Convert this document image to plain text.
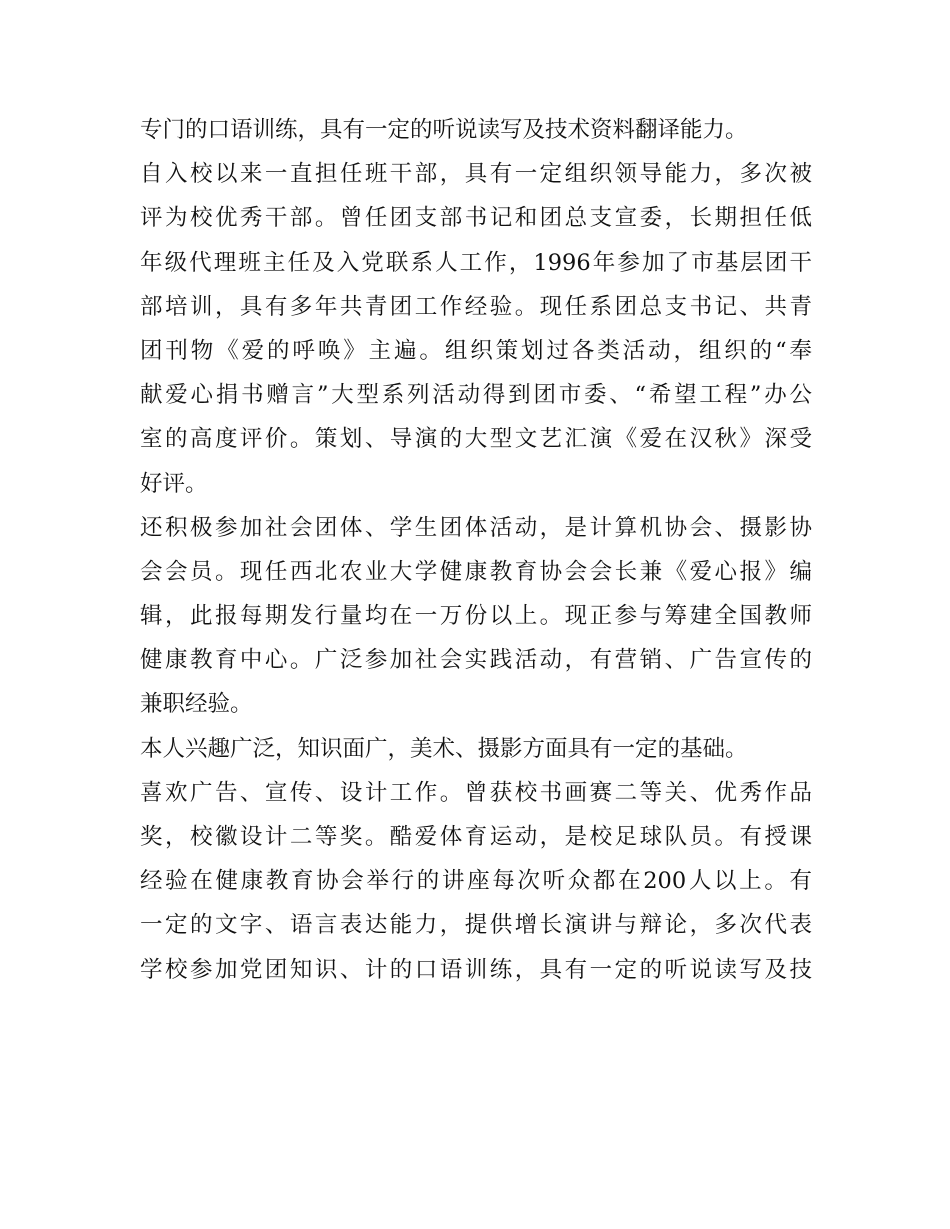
专门的口语训练，具有一定的听说读写及技术资料翻译能力。
自入校以来一直担任班干部，具有一定组织领导能力，多次被
评为校优秀干部。曾任团支部书记和团总支宣委，长期担任低
年级代理班主任及入党联系人工作，1996年参加了市基层团干
部培训，具有多年共青团工作经验。现任系团总支书记、共青
团刊物《爱的呼唤》主遍。组织策划过各类活动，组织的“奉
献爱心捐书赠言”大型系列活动得到团市委、“希望工程”办公
室的高度评价。策划、导演的大型文艺汇演《爱在汉秋》深受
好评。
还积极参加社会团体、学生团体活动，是计算机协会、摄影协
会会员。现任西北农业大学健康教育协会会长兼《爱心报》编
辑，此报每期发行量均在一万份以上。现正参与筹建全国教师
健康教育中心。广泛参加社会实践活动，有营销、广告宣传的
兼职经验。
本人兴趣广泛，知识面广，美术、摄影方面具有一定的基础。
喜欢广告、宣传、设计工作。曾获校书画赛二等关、优秀作品
奖，校徽设计二等奖。酷爱体育运动，是校足球队员。有授课
经验在健康教育协会举行的讲座每次听众都在200人以上。有
一定的文字、语言表达能力，提供增长演讲与辩论，多次代表
学校参加党团知识、计的口语训练，具有一定的听说读写及技
